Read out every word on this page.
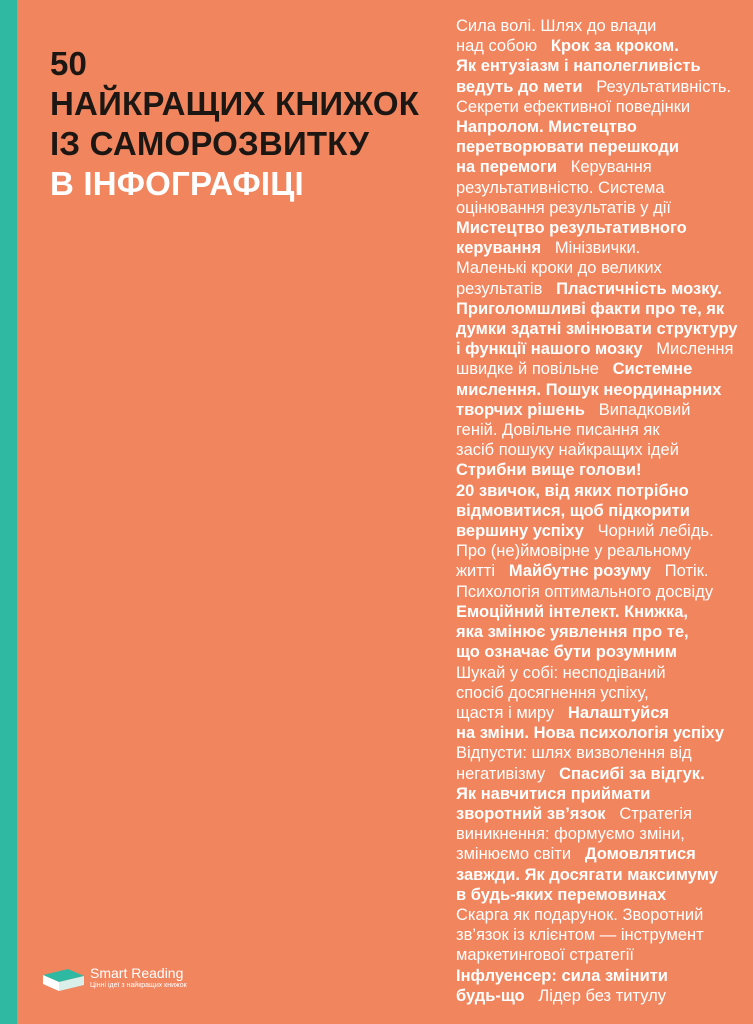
50
НАЙКРАЩИХ КНИЖОК
ІЗ САМОРОЗВИТКУ
В ІНФОГРАФІЦІ
Сила волі. Шлях до влади
над собою Крок за кроком.
Як ентузіазм і наполегливість
ведуть до мети Результативність.
Секрети ефективної поведінки
Напролом. Мистецтво
перетворювати перешкоди
на перемоги Керування
результативністю. Система
оцінювання результатів у дії
Мистецтво результативного
керування Мінізвички.
Маленькі кроки до великих
результатів Пластичність мозку.
Приголомшливі факти про те, як
думки здатні змінювати структуру
і функції нашого мозку Мислення
швидке й повільне Системне
мислення. Пошук неординарних
творчих рішень Випадковий
геній. Довільне писання як
засіб пошуку найкращих ідей
Стрибни вище голови!
20 звичок, від яких потрібно
відмовитися, щоб підкорити
вершину успіху Чорний лебідь.
Про (не)ймовірне у реальному
житті Майбутнє розуму Потік.
Психологія оптимального досвіду
Емоційний інтелект. Книжка,
яка змінює уявлення про те,
що означає бути розумним
Шукай у собі: несподіваний
спосіб досягнення успіху,
щастя і миру Налаштуйся
на зміни. Нова психологія успіху
Відпусти: шлях визволення від
негативізму Спасибі за відгук.
Як навчитися приймати
зворотний зв’язок Стратегія
виникнення: формуємо зміни,
змінюємо світи Домовлятися
завжди. Як досягати максимуму
в будь-яких перемовинах
Скарга як подарунок. Зворотний
зв’язок із клієнтом — інструмент
маркетингової стратегії
Інфлуенсер: сила змінити
будь-що Лідер без титулу
Smart Reading
Цінні ідеї з найкращих книжок
